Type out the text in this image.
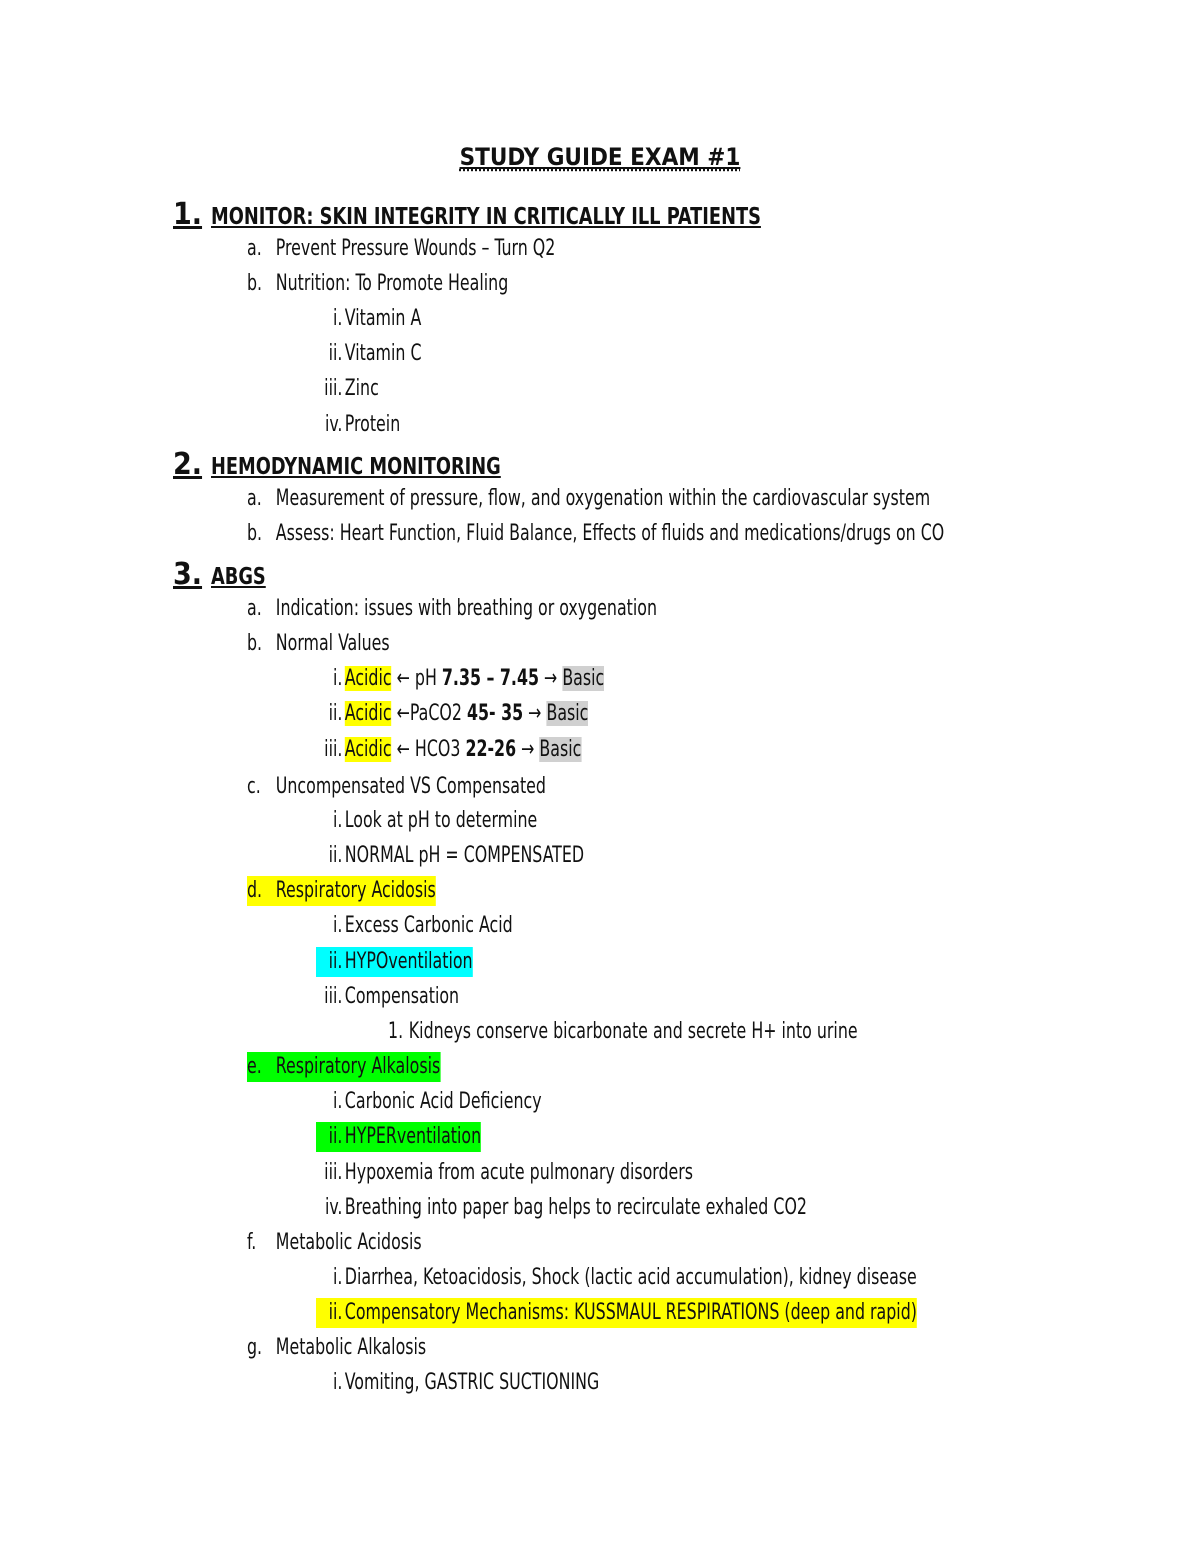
STUDY GUIDE EXAM #1
1. MONITOR: SKIN INTEGRITY IN CRITICALLY ILL PATIENTS
a. Prevent Pressure Wounds – Turn Q2
b. Nutrition: To Promote Healing
i. Vitamin A
ii. Vitamin C
iii. Zinc
iv. Protein
2. HEMODYNAMIC MONITORING
a. Measurement of pressure, flow, and oxygenation within the cardiovascular system
b. Assess: Heart Function, Fluid Balance, Effects of fluids and medications/drugs on CO
3. ABGS
a. Indication: issues with breathing or oxygenation
b. Normal Values
i. Acidic ← pH 7.35 – 7.45 → Basic
ii. Acidic ←PaCO2 45- 35 → Basic
iii. Acidic ← HCO3 22-26 → Basic
c. Uncompensated VS Compensated
i. Look at pH to determine
ii. NORMAL pH = COMPENSATED
d. Respiratory Acidosis
i. Excess Carbonic Acid
ii. HYPOventilation
iii. Compensation
1. Kidneys conserve bicarbonate and secrete H+ into urine
e. Respiratory Alkalosis
i. Carbonic Acid Deficiency
ii. HYPERventilation
iii. Hypoxemia from acute pulmonary disorders
iv. Breathing into paper bag helps to recirculate exhaled CO2
f. Metabolic Acidosis
i. Diarrhea, Ketoacidosis, Shock (lactic acid accumulation), kidney disease
ii. Compensatory Mechanisms: KUSSMAUL RESPIRATIONS (deep and rapid)
g. Metabolic Alkalosis
i. Vomiting, GASTRIC SUCTIONING
